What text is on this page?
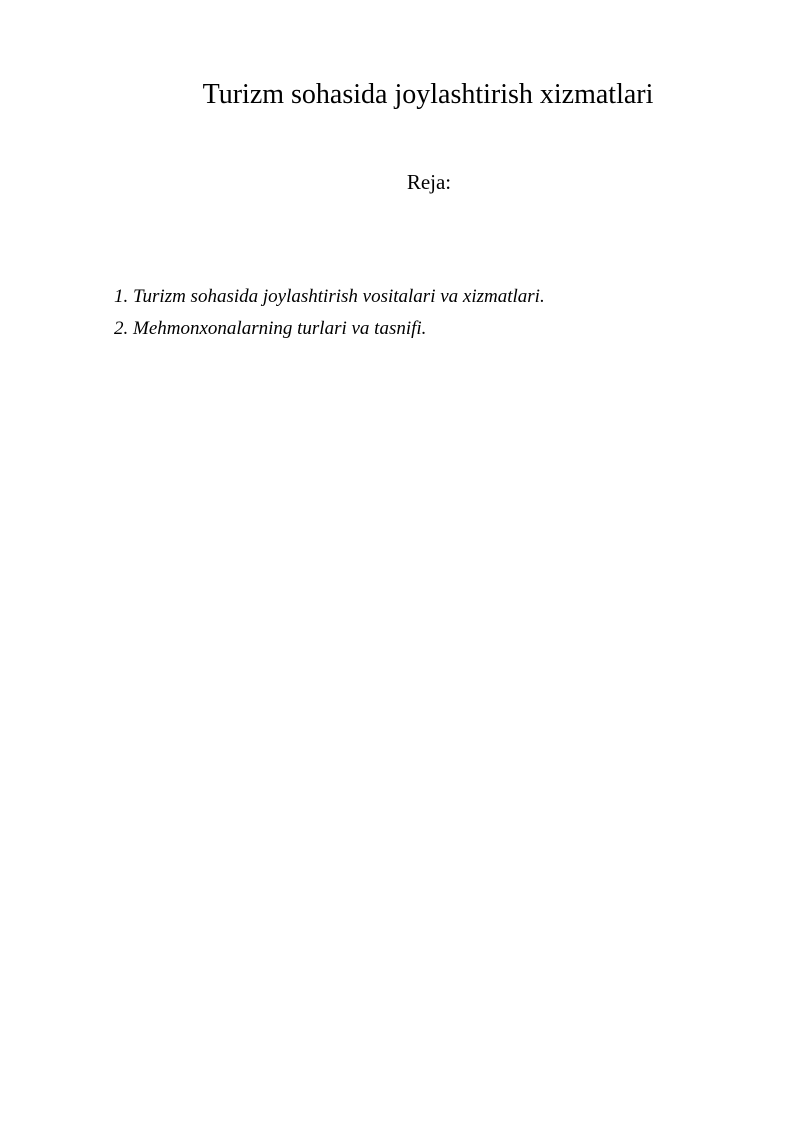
Turizm sohasida joylashtirish xizmatlari
Reja:
1. Turizm sohasida joylashtirish vositalari va xizmatlari.
2. Mehmonxonalarning turlari va tasnifi.
